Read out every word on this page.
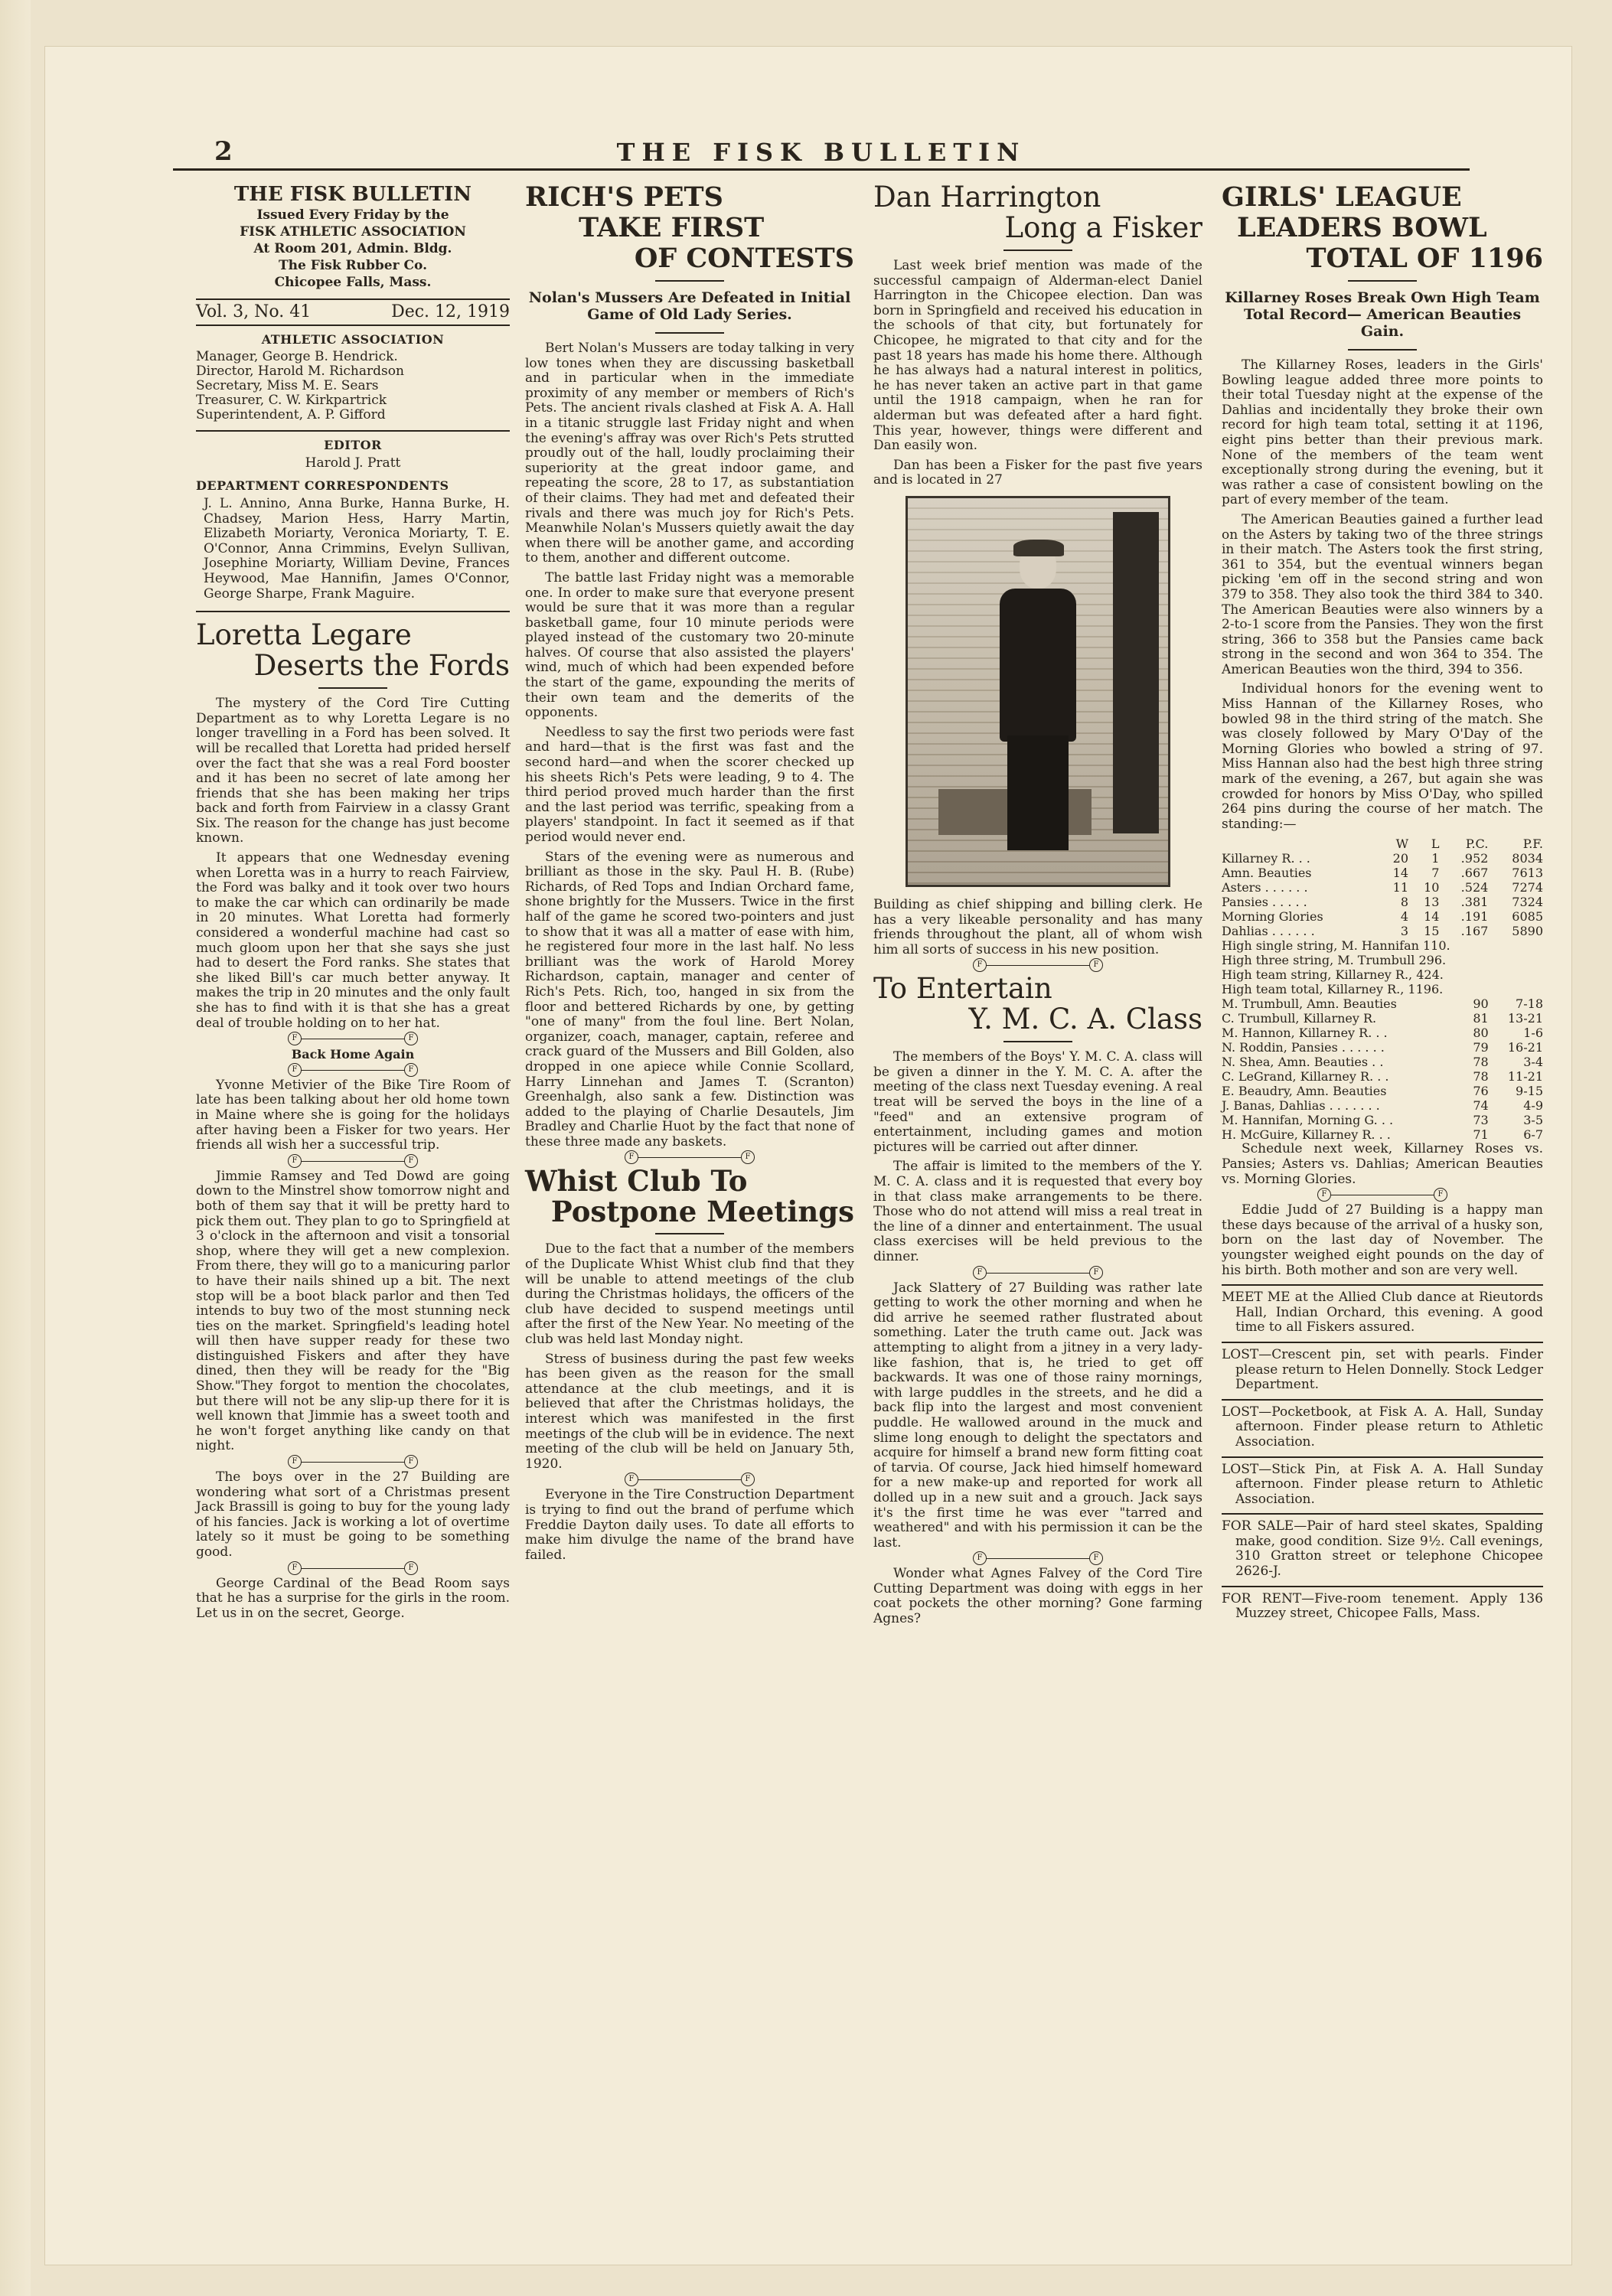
2	THE FISK BULLETIN
THE FISK BULLETIN
Issued Every Friday by the
FISK ATHLETIC ASSOCIATION
At Room 201, Admin. Bldg.
The Fisk Rubber Co.
Chicopee Falls, Mass.
Vol. 3, No. 41	Dec. 12, 1919
ATHLETIC ASSOCIATION
Manager, George B. Hendrick.
Director, Harold M. Richardson
Secretary, Miss M. E. Sears
Treasurer, C. W. Kirkpartrick
Superintendent, A. P. Gifford
EDITOR
Harold J. Pratt
DEPARTMENT CORRESPONDENTS
J. L. Annino, Anna Burke, Hanna Burke, H. Chadsey, Marion Hess, Harry Martin, Elizabeth Moriarty, Veronica Moriarty, T. E. O'Connor, Anna Crimmins, Evelyn Sullivan, Josephine Moriarty, William Devine, Frances Heywood, Mae Hannifin, James O'Connor, George Sharpe, Frank Maguire.
Loretta Legare
Deserts the Fords

The mystery of the Cord Tire Cutting Department as to why Loretta Legare is no longer travelling in a Ford has been solved. It will be recalled that Loretta had prided herself over the fact that she was a real Ford booster and it has been no secret of late among her friends that she has been making her trips back and forth from Fairview in a classy Grant Six. The reason for the change has just become known.

It appears that one Wednesday evening when Loretta was in a hurry to reach Fairview, the Ford was balky and it took over two hours to make the car which can ordinarily be made in 20 minutes. What Loretta had formerly considered a wonderful machine had cast so much gloom upon her that she says she just had to desert the Ford ranks. She states that she liked Bill's car much better anyway. It makes the trip in 20 minutes and the only fault she has to find with it is that she has a great deal of trouble holding on to her hat.

F	F
Back Home Again
F	F

Yvonne Metivier of the Bike Tire Room of late has been talking about her old home town in Maine where she is going for the holidays after having been a Fisker for two years. Her friends all wish her a successful trip.

F	F

Jimmie Ramsey and Ted Dowd are going down to the Minstrel show tomorrow night and both of them say that it will be pretty hard to pick them out. They plan to go to Springfield at 3 o'clock in the afternoon and visit a tonsorial shop, where they will get a new complexion. From there, they will go to a manicuring parlor to have their nails shined up a bit. The next stop will be a boot black parlor and then Ted intends to buy two of the most stunning neck ties on the market. Springfield's leading hotel will then have supper ready for these two distinguished Fiskers and after they have dined, then they will be ready for the "Big Show."They forgot to mention the chocolates, but there will not be any slip-up there for it is well known that Jimmie has a sweet tooth and he won't forget anything like candy on that night.

F	F

The boys over in the 27 Building are wondering what sort of a Christmas present Jack Brassill is going to buy for the young lady of his fancies. Jack is working a lot of overtime lately so it must be going to be something good.

F	F

George Cardinal of the Bead Room says that he has a surprise for the girls in the room. Let us in on the secret, George.

RICH'S PETS
TAKE FIRST
OF CONTESTS
Nolan's Mussers Are Defeated in Initial Game of Old Lady Series.

Bert Nolan's Mussers are today talking in very low tones when they are discussing basketball and in particular when in the immediate proximity of any member or members of Rich's Pets. The ancient rivals clashed at Fisk A. A. Hall in a titanic struggle last Friday night and when the evening's affray was over Rich's Pets strutted proudly out of the hall, loudly proclaiming their superiority at the great indoor game, and repeating the score, 28 to 17, as substantiation of their claims. They had met and defeated their rivals and there was much joy for Rich's Pets. Meanwhile Nolan's Mussers quietly await the day when there will be another game, and according to them, another and different outcome.

The battle last Friday night was a memorable one. In order to make sure that everyone present would be sure that it was more than a regular basketball game, four 10 minute periods were played instead of the customary two 20-minute halves. Of course that also assisted the players' wind, much of which had been expended before the start of the game, expounding the merits of their own team and the demerits of the opponents.

Needless to say the first two periods were fast and hard—that is the first was fast and the second hard—and when the scorer checked up his sheets Rich's Pets were leading, 9 to 4. The third period proved much harder than the first and the last period was terrific, speaking from a players' standpoint. In fact it seemed as if that period would never end.

Stars of the evening were as numerous and brilliant as those in the sky. Paul H. B. (Rube) Richards, of Red Tops and Indian Orchard fame, shone brightly for the Mussers. Twice in the first half of the game he scored two-pointers and just to show that it was all a matter of ease with him, he registered four more in the last half. No less brilliant was the work of Harold Morey Richardson, captain, manager and center of Rich's Pets. Rich, too, hanged in six from the floor and bettered Richards by one, by getting "one of many" from the foul line. Bert Nolan, organizer, coach, manager, captain, referee and crack guard of the Mussers and Bill Golden, also dropped in one apiece while Connie Scollard, Harry Linnehan and James T. (Scranton) Greenhalgh, also sank a few. Distinction was added to the playing of Charlie Desautels, Jim Bradley and Charlie Huot by the fact that none of these three made any baskets.

F	F
Whist Club To
Postpone Meetings

Due to the fact that a number of the members of the Duplicate Whist Whist club find that they will be unable to attend meetings of the club during the Christmas holidays, the officers of the club have decided to suspend meetings until after the first of the New Year. No meeting of the club was held last Monday night.

Stress of business during the past few weeks has been given as the reason for the small attendance at the club meetings, and it is believed that after the Christmas holidays, the interest which was manifested in the first meetings of the club will be in evidence. The next meeting of the club will be held on January 5th, 1920.

F	F

Everyone in the Tire Construction Department is trying to find out the brand of perfume which Freddie Dayton daily uses. To date all efforts to make him divulge the name of the brand have failed.

Dan Harrington
Long a Fisker

Last week brief mention was made of the successful campaign of Alderman-elect Daniel Harrington in the Chicopee election. Dan was born in Springfield and received his education in the schools of that city, but fortunately for Chicopee, he migrated to that city and for the past 18 years has made his home there. Although he has always had a natural interest in politics, he has never taken an active part in that game until the 1918 campaign, when he ran for alderman but was defeated after a hard fight. This year, however, things were different and Dan easily won.

Dan has been a Fisker for the past five years and is located in 27

Building as chief shipping and billing clerk. He has a very likeable personality and has many friends throughout the plant, all of whom wish him all sorts of success in his new position.

F	F
To Entertain
Y. M. C. A. Class

The members of the Boys' Y. M. C. A. class will be given a dinner in the Y. M. C. A. after the meeting of the class next Tuesday evening. A real treat will be served the boys in the line of a "feed" and an extensive program of entertainment, including games and motion pictures will be carried out after dinner.

The affair is limited to the members of the Y. M. C. A. class and it is requested that every boy in that class make arrangements to be there. Those who do not attend will miss a real treat in the line of a dinner and entertainment. The usual class exercises will be held previous to the dinner.

F	F

Jack Slattery of 27 Building was rather late getting to work the other morning and when he did arrive he seemed rather flustrated about something. Later the truth came out. Jack was attempting to alight from a jitney in a very lady-like fashion, that is, he tried to get off backwards. It was one of those rainy mornings, with large puddles in the streets, and he did a back flip into the largest and most convenient puddle. He wallowed around in the muck and slime long enough to delight the spectators and acquire for himself a brand new form fitting coat of tarvia. Of course, Jack hied himself homeward for a new make-up and reported for work all dolled up in a new suit and a grouch. Jack says it's the first time he was ever "tarred and weathered" and with his permission it can be the last.

F	F

Wonder what Agnes Falvey of the Cord Tire Cutting Department was doing with eggs in her coat pockets the other morning? Gone farming Agnes?

GIRLS' LEAGUE
LEADERS BOWL
TOTAL OF 1196
Killarney Roses Break Own High Team Total Record— American Beauties Gain.

The Killarney Roses, leaders in the Girls' Bowling league added three more points to their total Tuesday night at the expense of the Dahlias and incidentally they broke their own record for high team total, setting it at 1196, eight pins better than their previous mark. None of the members of the team went exceptionally strong during the evening, but it was rather a case of consistent bowling on the part of every member of the team.

The American Beauties gained a further lead on the Asters by taking two of the three strings in their match. The Asters took the first string, 361 to 354, but the eventual winners began picking 'em off in the second string and won 379 to 358. They also took the third 384 to 340. The American Beauties were also winners by a 2-to-1 score from the Pansies. They won the first string, 366 to 358 but the Pansies came back strong in the second and won 364 to 354. The American Beauties won the third, 394 to 356.

Individual honors for the evening went to Miss Hannan of the Killarney Roses, who bowled 98 in the third string of the match. She was closely followed by Mary O'Day of the Morning Glories who bowled a string of 97. Miss Hannan also had the best high three string mark of the evening, a 267, but again she was crowded for honors by Miss O'Day, who spilled 264 pins during the course of her match. The standing:—

	W	L	P.C.	P.F.
Killarney R. . .	20	1	.952	8034
Amn. Beauties	14	7	.667	7613
Asters . . . . . .	11	10	.524	7274
Pansies . . . . .	8	13	.381	7324
Morning Glories	4	14	.191	6085
Dahlias . . . . . .	3	15	.167	5890
High single string, M. Hannifan 110.
High three string, M. Trumbull 296.
High team string, Killarney R., 424.
High team total, Killarney R., 1196.
M. Trumbull, Amn. Beauties	90	7-18
C. Trumbull, Killarney R.	81	13-21
M. Hannon, Killarney R. . .	80	1-6
N. Roddin, Pansies . . . . . .	79	16-21
N. Shea, Amn. Beauties . .	78	3-4
C. LeGrand, Killarney R. . .	78	11-21
E. Beaudry, Amn. Beauties	76	9-15
J. Banas, Dahlias . . . . . . .	74	4-9
M. Hannifan, Morning G. . .	73	3-5
H. McGuire, Killarney R. . .	71	6-7

Schedule next week, Killarney Roses vs. Pansies; Asters vs. Dahlias; American Beauties vs. Morning Glories.

F	F

Eddie Judd of 27 Building is a happy man these days because of the arrival of a husky son, born on the last day of November. The youngster weighed eight pounds on the day of his birth. Both mother and son are very well.

MEET ME at the Allied Club dance at Rieutords Hall, Indian Orchard, this evening. A good time to all Fiskers assured.

LOST—Crescent pin, set with pearls. Finder please return to Helen Donnelly. Stock Ledger Department.

LOST—Pocketbook, at Fisk A. A. Hall, Sunday afternoon. Finder please return to Athletic Association.

LOST—Stick Pin, at Fisk A. A. Hall Sunday afternoon. Finder please return to Athletic Association.

FOR SALE—Pair of hard steel skates, Spalding make, good condition. Size 9½. Call evenings, 310 Gratton street or telephone Chicopee 2626-J.

FOR RENT—Five-room tenement. Apply 136 Muzzey street, Chicopee Falls, Mass.
